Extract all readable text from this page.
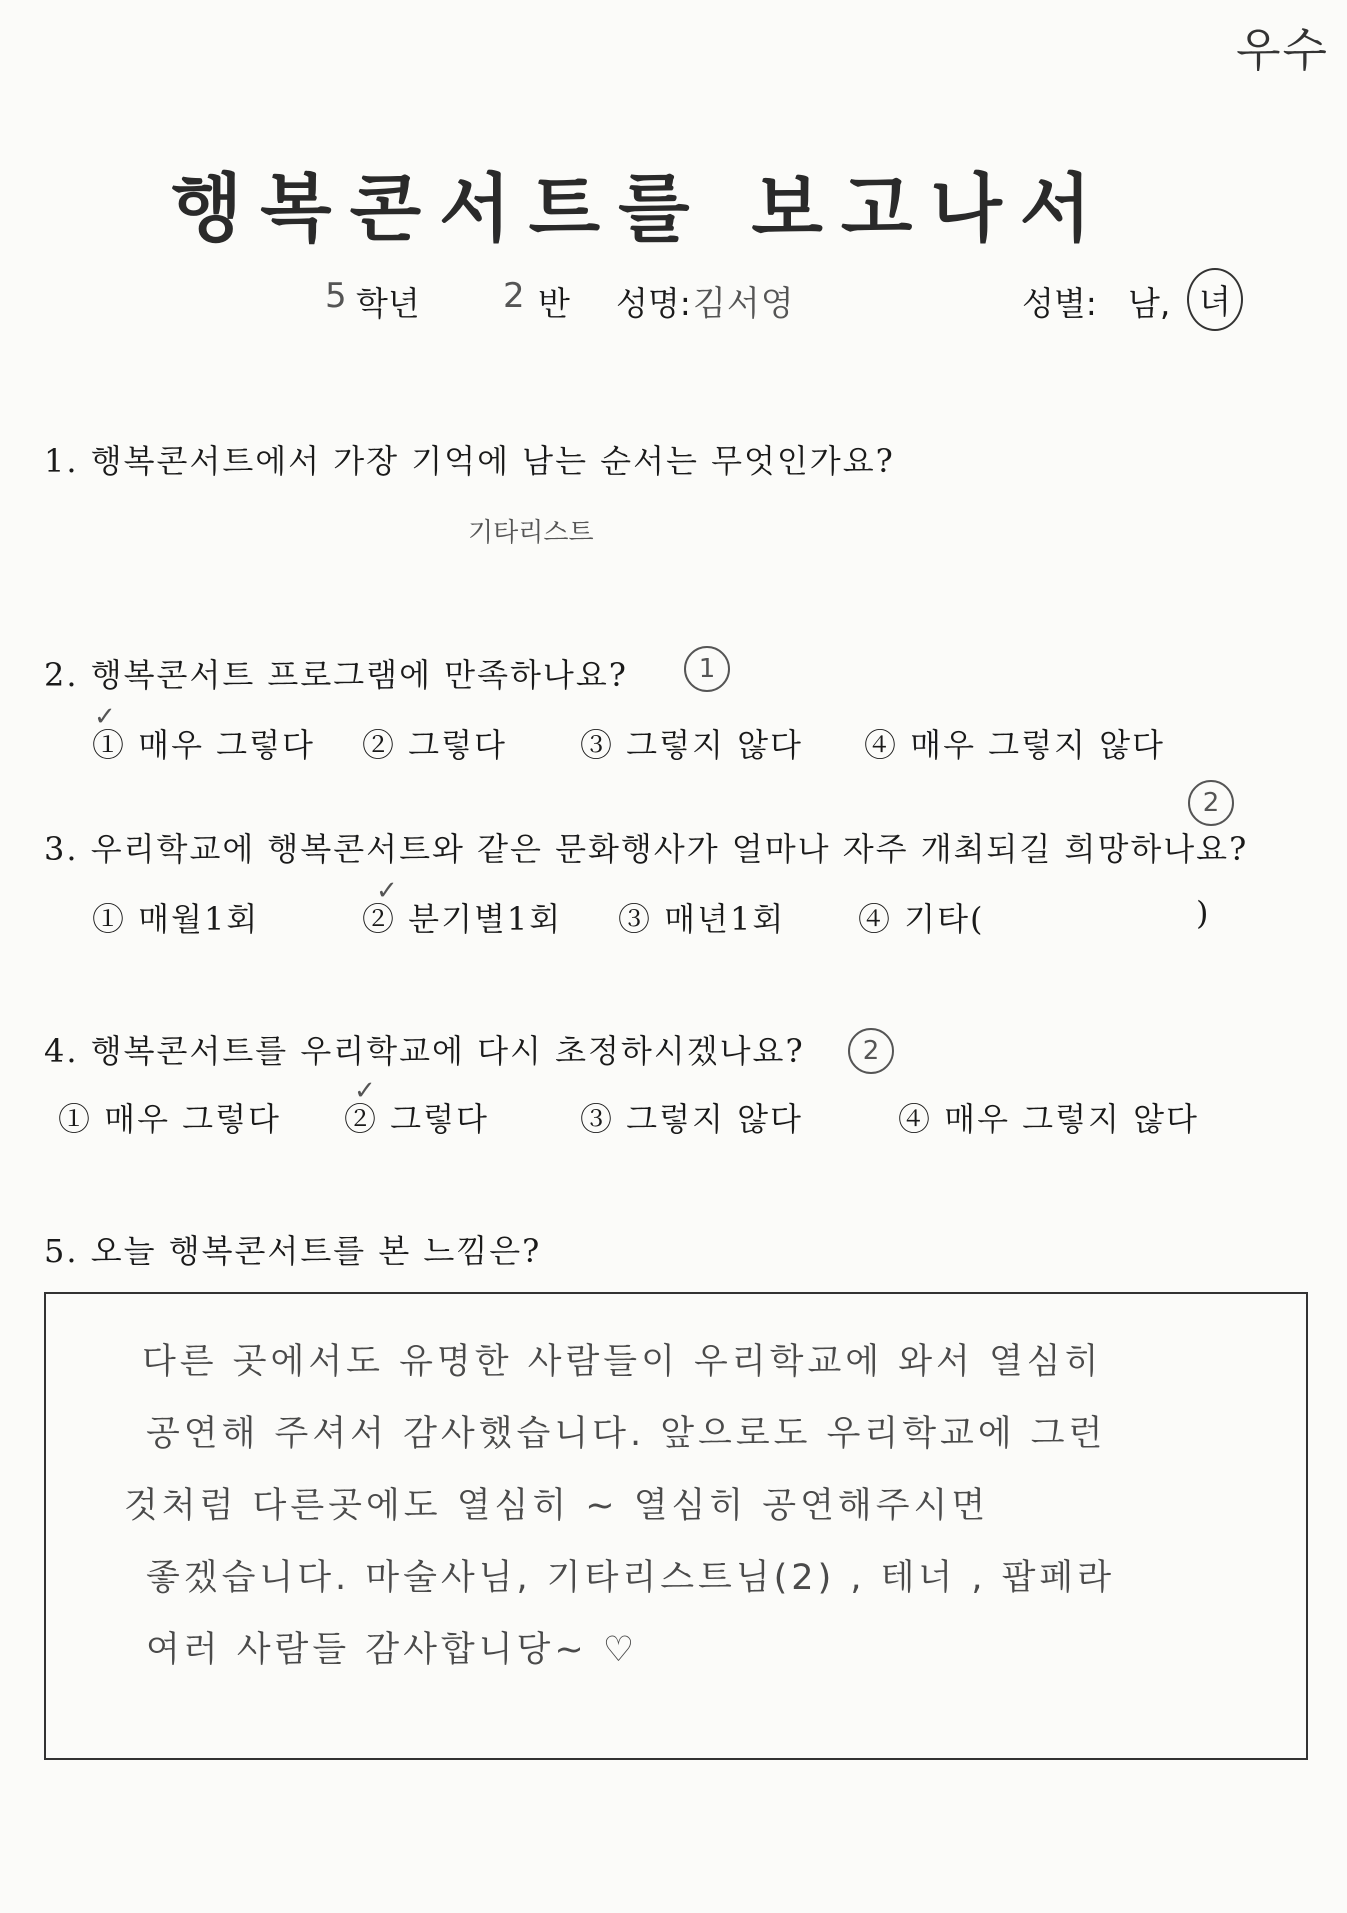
우수
행복콘서트를 보고나서
5 학년 2 반 성명: 김서영	성별: 남, 녀
1. 행복콘서트에서 가장 기억에 남는 순서는 무엇인가요?
기타리스트
2. 행복콘서트 프로그램에 만족하나요?	1
① 매우 그렇다 ② 그렇다 ③ 그렇지 않다 ④ 매우 그렇지 않다
✓
3. 우리학교에 행복콘서트와 같은 문화행사가 얼마나 자주 개최되길 희망하나요?
2
① 매월1회	② 분기별1회 ③ 매년1회 ④ 기타(	)
✓
4. 행복콘서트를 우리학교에 다시 초정하시겠나요?	2
① 매우 그렇다 ② 그렇다	③ 그렇지 않다	④ 매우 그렇지 않다
✓
5. 오늘 행복콘서트를 본 느낌은?
다른 곳에서도 유명한 사람들이 우리학교에 와서 열심히
공연해 주셔서 감사했습니다. 앞으로도 우리학교에 그런
것처럼 다른곳에도 열심히 ~ 열심히 공연해주시면
좋겠습니다. 마술사님, 기타리스트님(2) , 테너 , 팝페라
여러 사람들 감사합니당~ ♡
